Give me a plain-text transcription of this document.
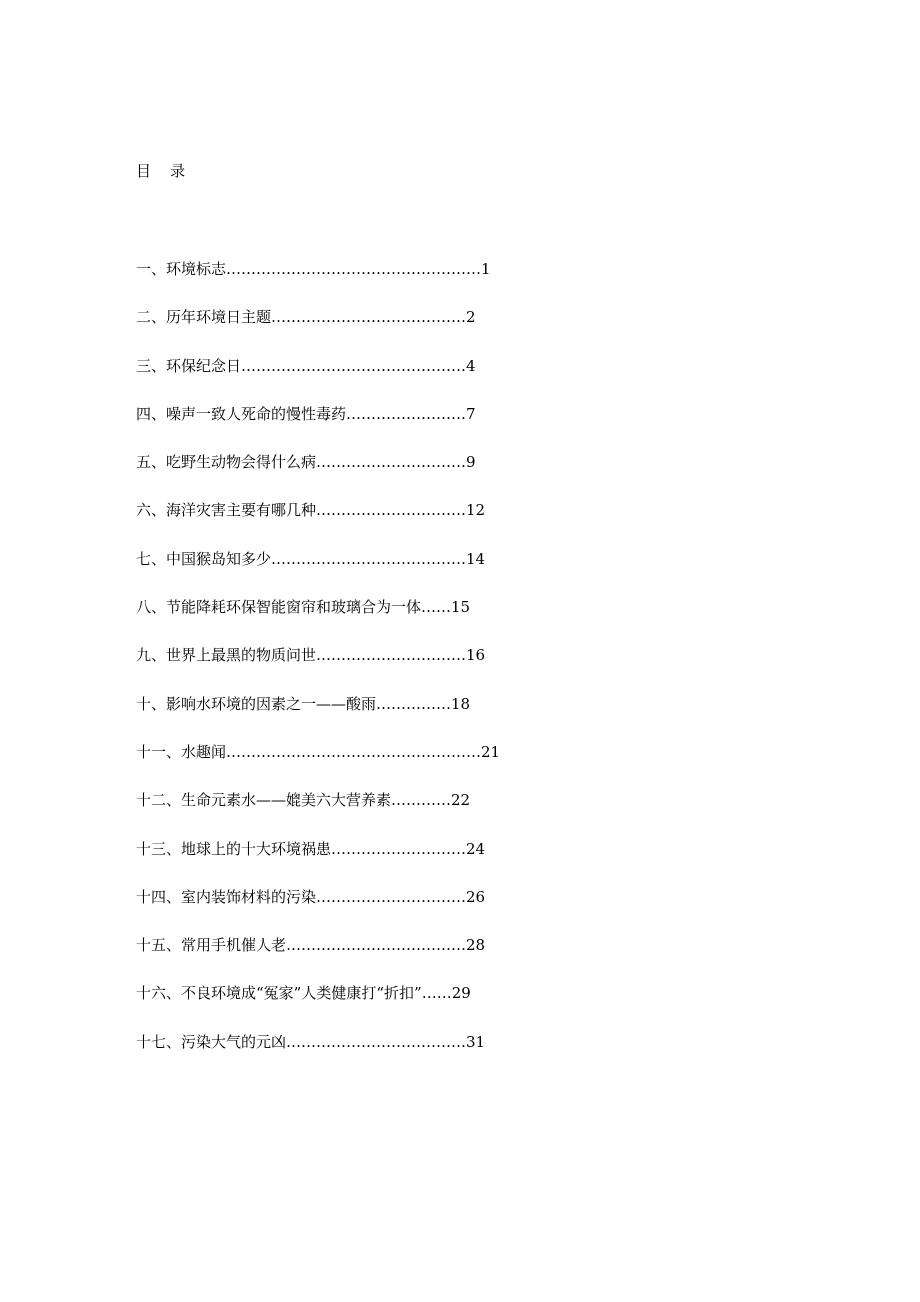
目    录
一、环境标志……………………………………………1
二、历年环境日主题…………………………………2
三、环保纪念日………………………………………4
四、噪声一致人死命的慢性毒药……………………7
五、吃野生动物会得什么病…………………………9
六、海洋灾害主要有哪几种…………………………12
七、中国猴岛知多少…………………………………14
八、节能降耗环保智能窗帘和玻璃合为一体……15
九、世界上最黑的物质问世…………………………16
十、影响水环境的因素之一——酸雨……………18
十一、水趣闻……………………………………………21
十二、生命元素水——媲美六大营养素…………22
十三、地球上的十大环境祸患………………………24
十四、室内装饰材料的污染…………………………26
十五、常用手机催人老………………………………28
十六、不良环境成“冤家”人类健康打“折扣”……29
十七、污染大气的元凶………………………………31
